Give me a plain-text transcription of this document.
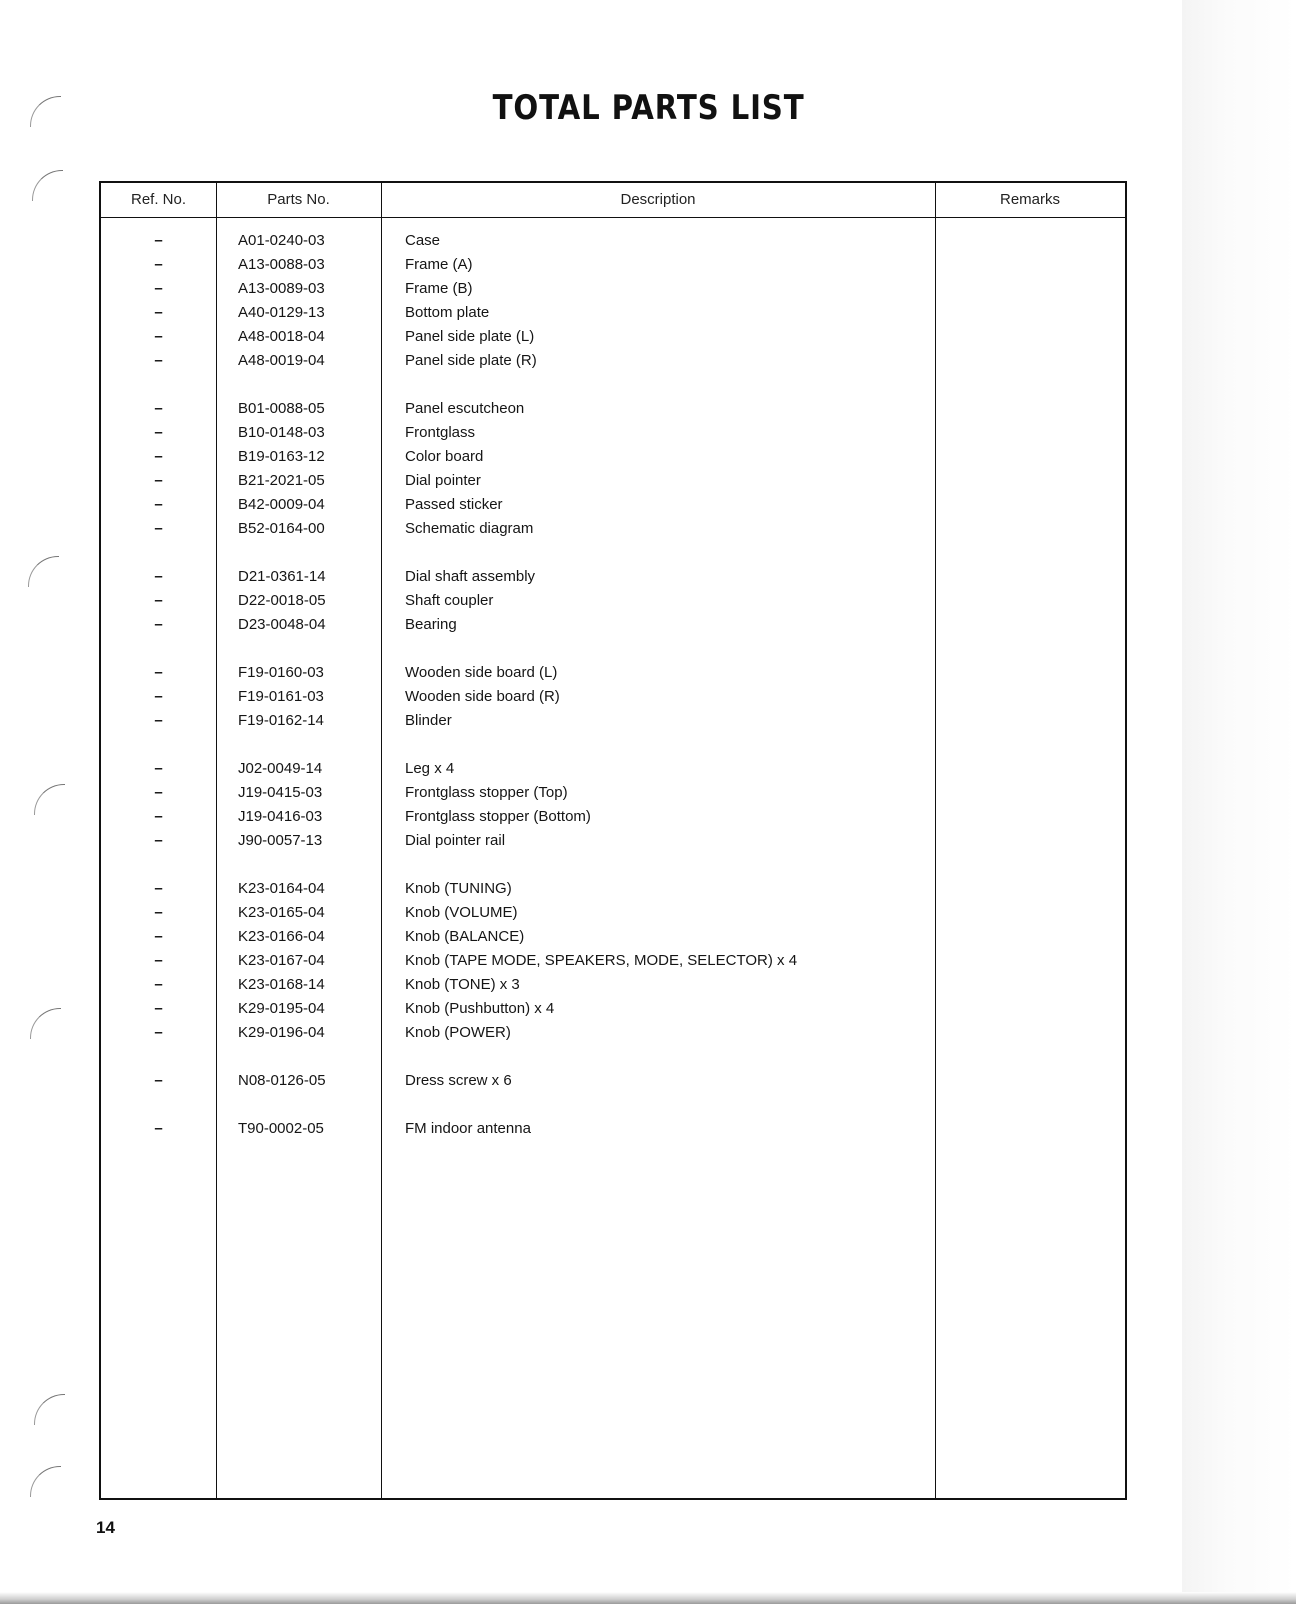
TOTAL PARTS LIST
Ref. No.	Parts No.	Description	Remarks
–	A01-0240-03	Case
–	A13-0088-03	Frame (A)
–	A13-0089-03	Frame (B)
–	A40-0129-13	Bottom plate
–	A48-0018-04	Panel side plate (L)
–	A48-0019-04	Panel side plate (R)
–	B01-0088-05	Panel escutcheon
–	B10-0148-03	Frontglass
–	B19-0163-12	Color board
–	B21-2021-05	Dial pointer
–	B42-0009-04	Passed sticker
–	B52-0164-00	Schematic diagram
–	D21-0361-14	Dial shaft assembly
–	D22-0018-05	Shaft coupler
–	D23-0048-04	Bearing
–	F19-0160-03	Wooden side board (L)
–	F19-0161-03	Wooden side board (R)
–	F19-0162-14	Blinder
–	J02-0049-14	Leg x 4
–	J19-0415-03	Frontglass stopper (Top)
–	J19-0416-03	Frontglass stopper (Bottom)
–	J90-0057-13	Dial pointer rail
–	K23-0164-04	Knob (TUNING)
–	K23-0165-04	Knob (VOLUME)
–	K23-0166-04	Knob (BALANCE)
–	K23-0167-04	Knob (TAPE MODE, SPEAKERS, MODE, SELECTOR) x 4
–	K23-0168-14	Knob (TONE) x 3
–	K29-0195-04	Knob (Pushbutton) x 4
–	K29-0196-04	Knob (POWER)
–	N08-0126-05	Dress screw x 6
–	T90-0002-05	FM indoor antenna
14
